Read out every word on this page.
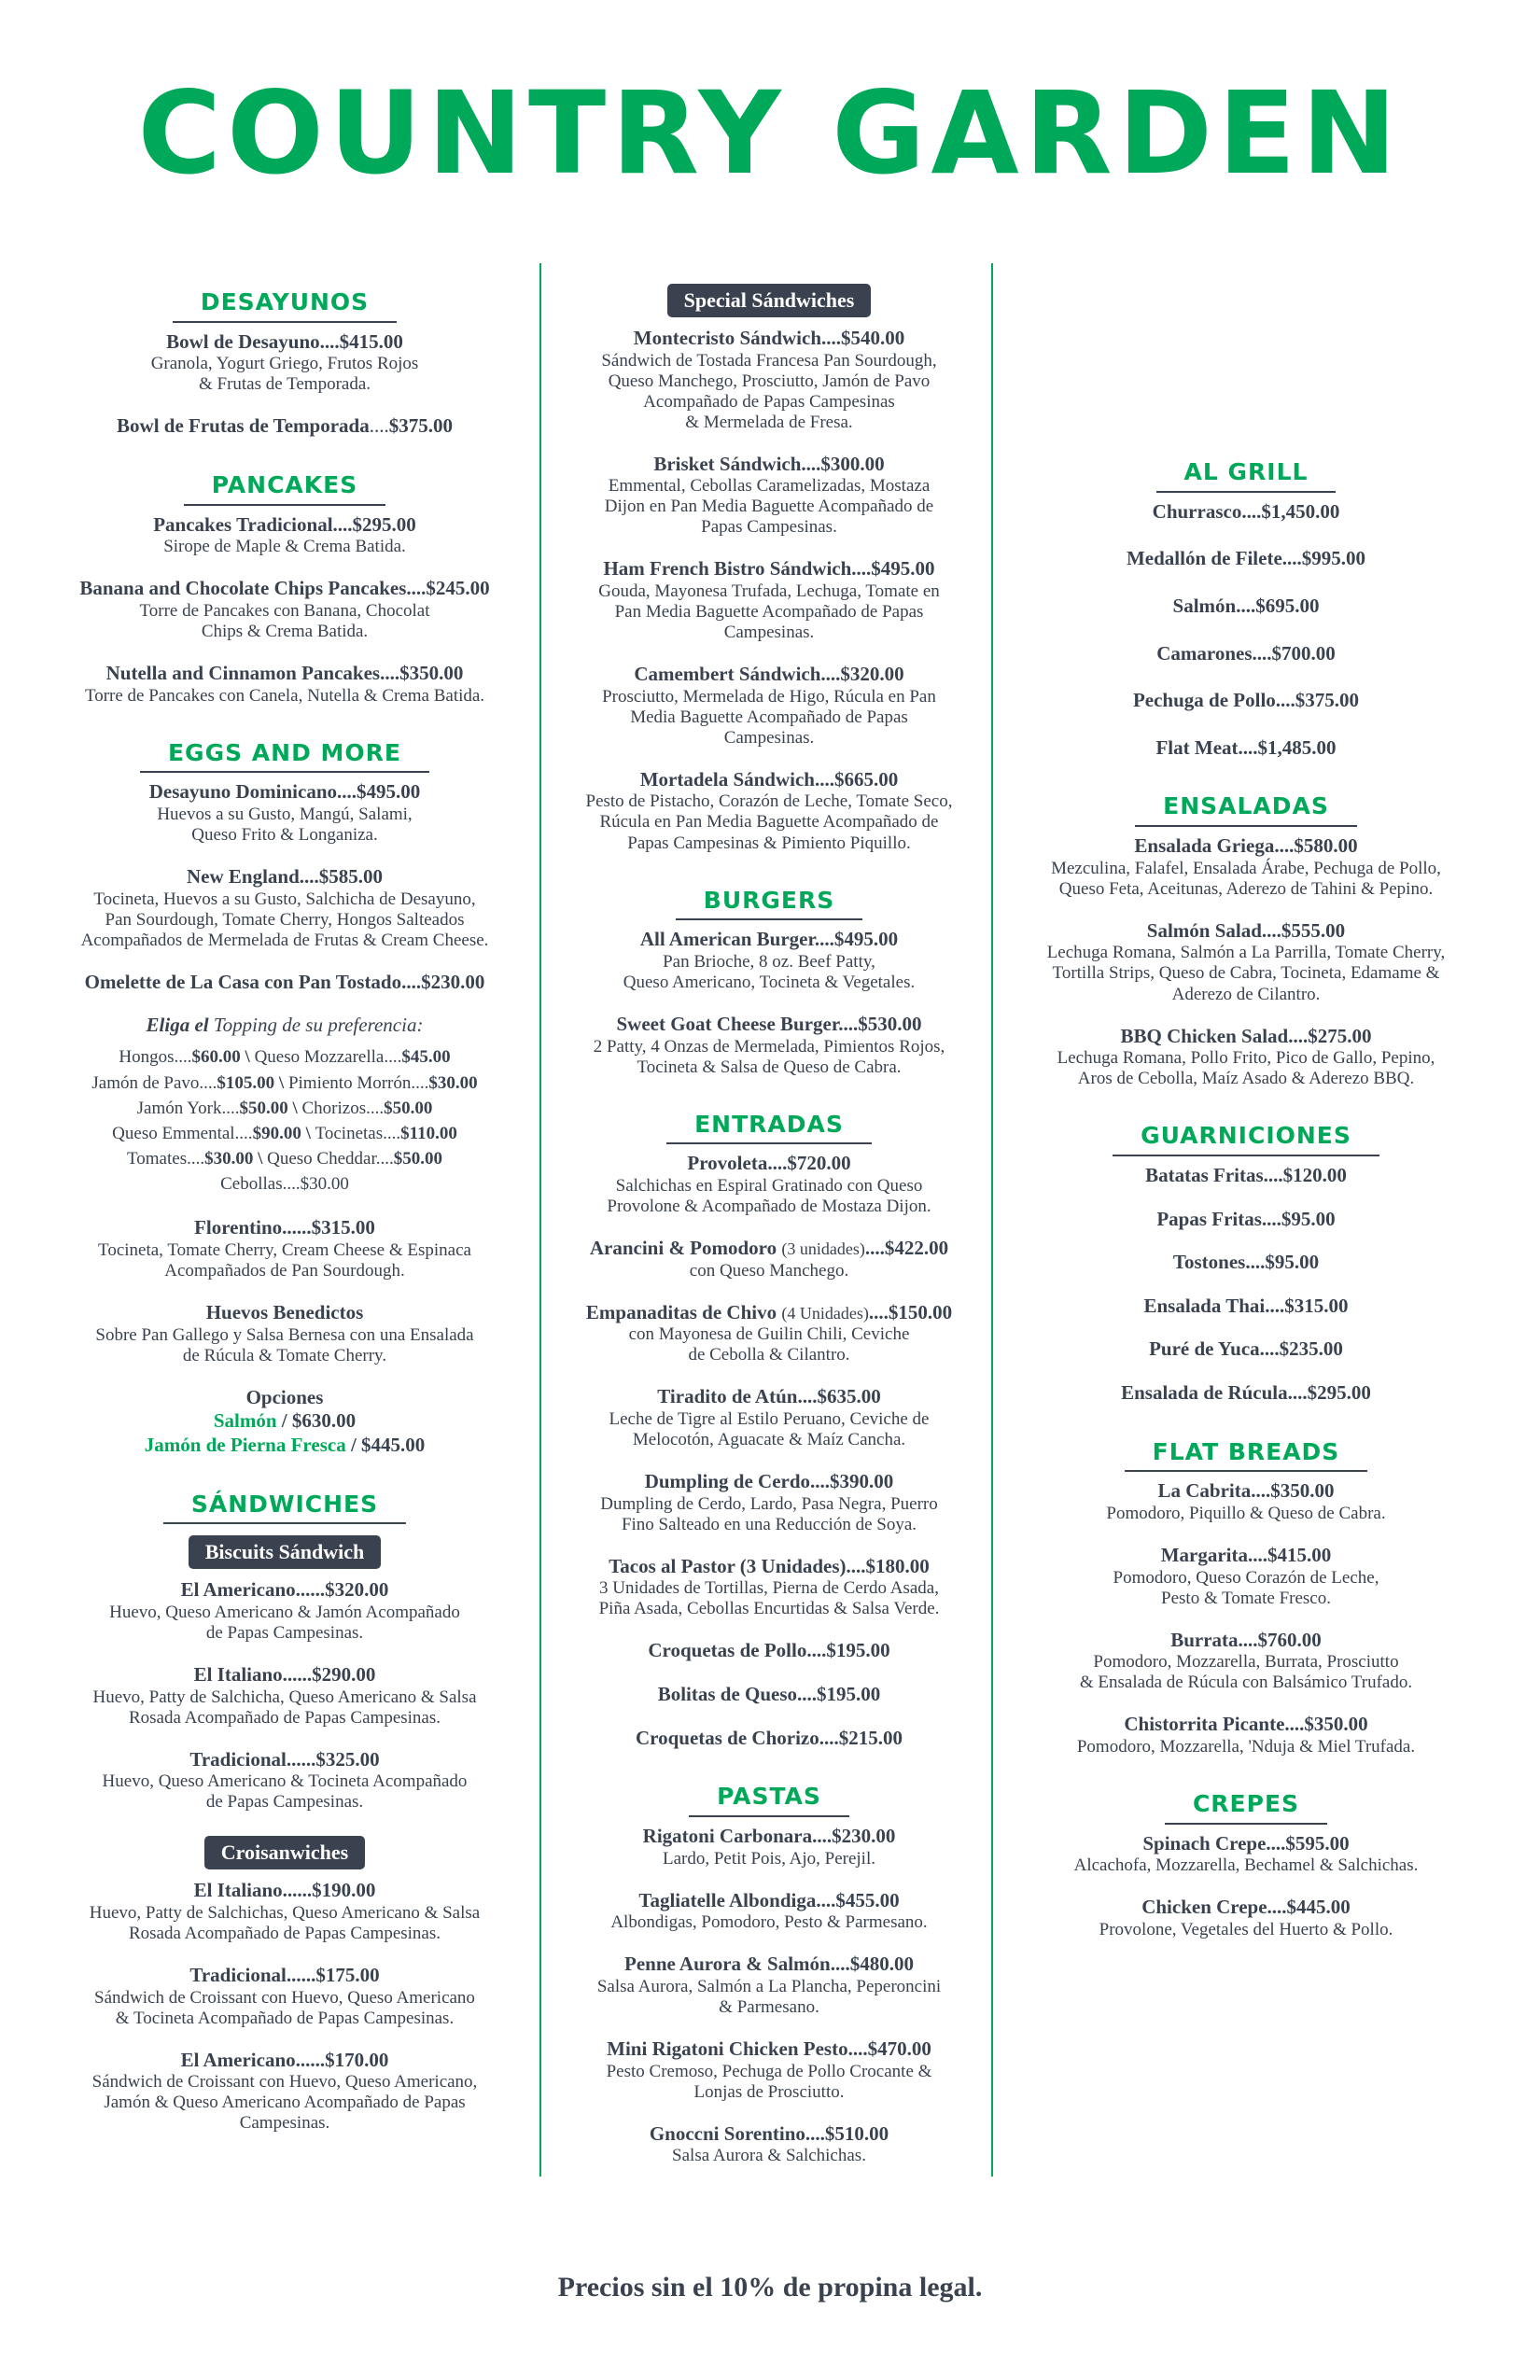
COUNTRY GARDEN
DESAYUNOS
Bowl de Desayuno....$415.00
Granola, Yogurt Griego, Frutos Rojos
& Frutas de Temporada.
Bowl de Frutas de Temporada....$375.00
PANCAKES
Pancakes Tradicional....$295.00
Sirope de Maple & Crema Batida.
Banana and Chocolate Chips Pancakes....$245.00
Torre de Pancakes con Banana, Chocolat
Chips & Crema Batida.
Nutella and Cinnamon Pancakes....$350.00
Torre de Pancakes con Canela, Nutella & Crema Batida.
EGGS AND MORE
Desayuno Dominicano....$495.00
Huevos a su Gusto, Mangú, Salami,
Queso Frito & Longaniza.
New England....$585.00
Tocineta, Huevos a su Gusto, Salchicha de Desayuno,
Pan Sourdough, Tomate Cherry, Hongos Salteados
Acompañados de Mermelada de Frutas & Cream Cheese.
Omelette de La Casa con Pan Tostado....$230.00
Eliga el Topping de su preferencia:
Hongos....$60.00 \ Queso Mozzarella....$45.00
Jamón de Pavo....$105.00 \ Pimiento Morrón....$30.00
Jamón York....$50.00 \ Chorizos....$50.00
Queso Emmental....$90.00 \ Tocinetas....$110.00
Tomates....$30.00 \ Queso Cheddar....$50.00
Cebollas....$30.00
Florentino......$315.00
Tocineta, Tomate Cherry, Cream Cheese & Espinaca
Acompañados de Pan Sourdough.
Huevos Benedictos
Sobre Pan Gallego y Salsa Bernesa con una Ensalada
de Rúcula & Tomate Cherry.
Opciones
Salmón / $630.00
Jamón de Pierna Fresca / $445.00
SÁNDWICHES
Biscuits Sándwich
El Americano......$320.00
Huevo, Queso Americano & Jamón Acompañado
de Papas Campesinas.
El Italiano......$290.00
Huevo, Patty de Salchicha, Queso Americano & Salsa
Rosada Acompañado de Papas Campesinas.
Tradicional......$325.00
Huevo, Queso Americano & Tocineta Acompañado
de Papas Campesinas.
Croisanwiches
El Italiano......$190.00
Huevo, Patty de Salchichas, Queso Americano & Salsa
Rosada Acompañado de Papas Campesinas.
Tradicional......$175.00
Sándwich de Croissant con Huevo, Queso Americano
& Tocineta Acompañado de Papas Campesinas.
El Americano......$170.00
Sándwich de Croissant con Huevo, Queso Americano,
Jamón & Queso Americano Acompañado de Papas
Campesinas.
Special Sándwiches
Montecristo Sándwich....$540.00
Sándwich de Tostada Francesa Pan Sourdough,
Queso Manchego, Prosciutto, Jamón de Pavo
Acompañado de Papas Campesinas
& Mermelada de Fresa.
Brisket Sándwich....$300.00
Emmental, Cebollas Caramelizadas, Mostaza
Dijon en Pan Media Baguette Acompañado de
Papas Campesinas.
Ham French Bistro Sándwich....$495.00
Gouda, Mayonesa Trufada, Lechuga, Tomate en
Pan Media Baguette Acompañado de Papas
Campesinas.
Camembert Sándwich....$320.00
Prosciutto, Mermelada de Higo, Rúcula en Pan
Media Baguette Acompañado de Papas
Campesinas.
Mortadela Sándwich....$665.00
Pesto de Pistacho, Corazón de Leche, Tomate Seco,
Rúcula en Pan Media Baguette Acompañado de
Papas Campesinas & Pimiento Piquillo.
BURGERS
All American Burger....$495.00
Pan Brioche, 8 oz. Beef Patty,
Queso Americano, Tocineta & Vegetales.
Sweet Goat Cheese Burger....$530.00
2 Patty, 4 Onzas de Mermelada, Pimientos Rojos,
Tocineta & Salsa de Queso de Cabra.
ENTRADAS
Provoleta....$720.00
Salchichas en Espiral Gratinado con Queso
Provolone & Acompañado de Mostaza Dijon.
Arancini & Pomodoro (3 unidades)....$422.00
con Queso Manchego.
Empanaditas de Chivo (4 Unidades)....$150.00
con Mayonesa de Guilin Chili, Ceviche
de Cebolla & Cilantro.
Tiradito de Atún....$635.00
Leche de Tigre al Estilo Peruano, Ceviche de
Melocotón, Aguacate & Maíz Cancha.
Dumpling de Cerdo....$390.00
Dumpling de Cerdo, Lardo, Pasa Negra, Puerro
Fino Salteado en una Reducción de Soya.
Tacos al Pastor (3 Unidades)....$180.00
3 Unidades de Tortillas, Pierna de Cerdo Asada,
Piña Asada, Cebollas Encurtidas & Salsa Verde.
Croquetas de Pollo....$195.00
Bolitas de Queso....$195.00
Croquetas de Chorizo....$215.00
PASTAS
Rigatoni Carbonara....$230.00
Lardo, Petit Pois, Ajo, Perejil.
Tagliatelle Albondiga....$455.00
Albondigas, Pomodoro, Pesto & Parmesano.
Penne Aurora & Salmón....$480.00
Salsa Aurora, Salmón a La Plancha, Peperoncini
& Parmesano.
Mini Rigatoni Chicken Pesto....$470.00
Pesto Cremoso, Pechuga de Pollo Crocante &
Lonjas de Prosciutto.
Gnoccni Sorentino....$510.00
Salsa Aurora & Salchichas.
AL GRILL
Churrasco....$1,450.00
Medallón de Filete....$995.00
Salmón....$695.00
Camarones....$700.00
Pechuga de Pollo....$375.00
Flat Meat....$1,485.00
ENSALADAS
Ensalada Griega....$580.00
Mezculina, Falafel, Ensalada Árabe, Pechuga de Pollo,
Queso Feta, Aceitunas, Aderezo de Tahini & Pepino.
Salmón Salad....$555.00
Lechuga Romana, Salmón a La Parrilla, Tomate Cherry,
Tortilla Strips, Queso de Cabra, Tocineta, Edamame &
Aderezo de Cilantro.
BBQ Chicken Salad....$275.00
Lechuga Romana, Pollo Frito, Pico de Gallo, Pepino,
Aros de Cebolla, Maíz Asado & Aderezo BBQ.
GUARNICIONES
Batatas Fritas....$120.00
Papas Fritas....$95.00
Tostones....$95.00
Ensalada Thai....$315.00
Puré de Yuca....$235.00
Ensalada de Rúcula....$295.00
FLAT BREADS
La Cabrita....$350.00
Pomodoro, Piquillo & Queso de Cabra.
Margarita....$415.00
Pomodoro, Queso Corazón de Leche,
Pesto & Tomate Fresco.
Burrata....$760.00
Pomodoro, Mozzarella, Burrata, Prosciutto
& Ensalada de Rúcula con Balsámico Trufado.
Chistorrita Picante....$350.00
Pomodoro, Mozzarella, 'Nduja & Miel Trufada.
CREPES
Spinach Crepe....$595.00
Alcachofa, Mozzarella, Bechamel & Salchichas.
Chicken Crepe....$445.00
Provolone, Vegetales del Huerto & Pollo.
Precios sin el 10% de propina legal.
